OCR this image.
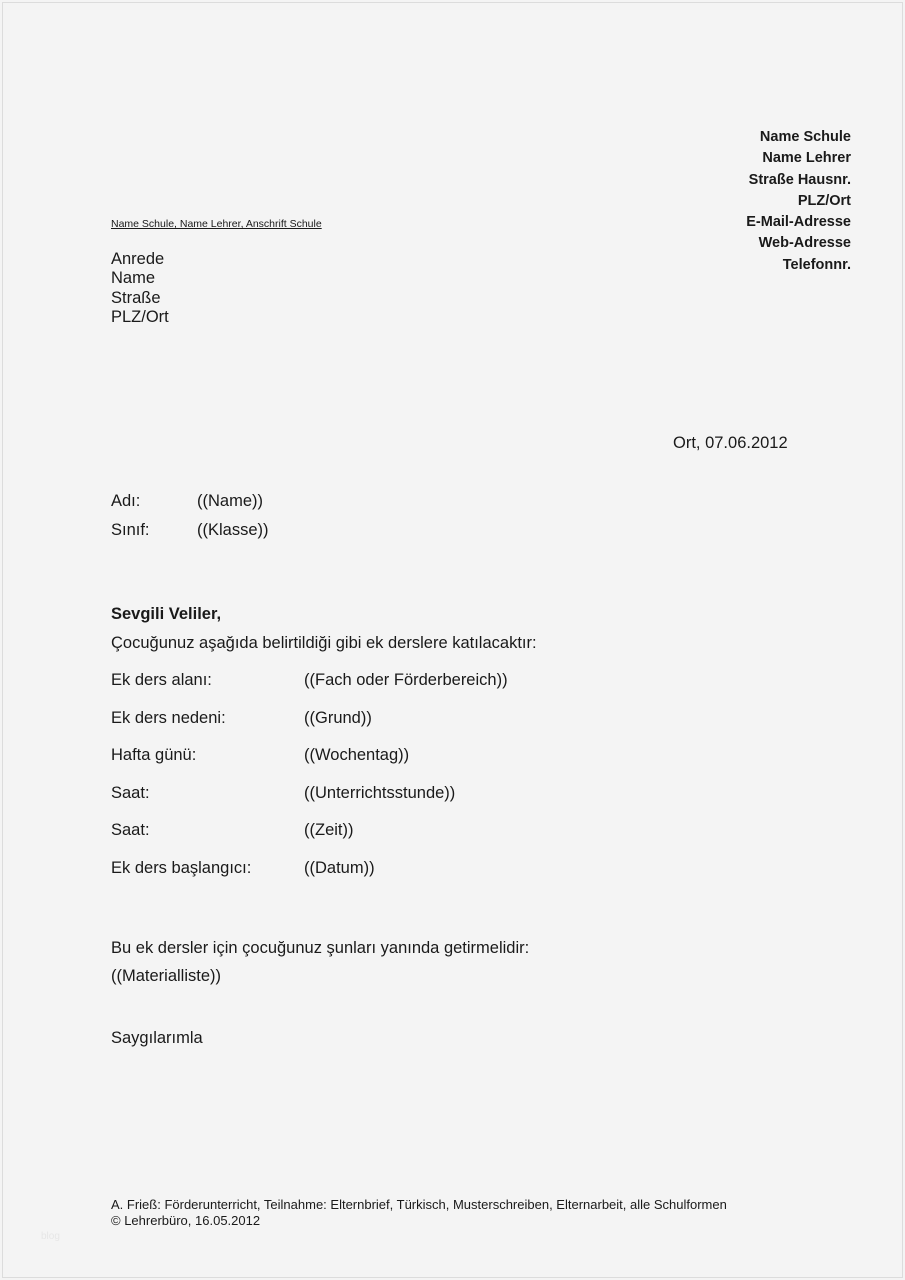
Name Schule
Name Lehrer
Straße Hausnr.
PLZ/Ort
E-Mail-Adresse
Web-Adresse
Telefonnr.
Name Schule, Name Lehrer, Anschrift Schule
Anrede
Name
Straße
PLZ/Ort
Ort, 07.06.2012
Adı:	((Name))
Sınıf:	((Klasse))
Sevgili Veliler,
Çocuğunuz aşağıda belirtildiği gibi ek derslere katılacaktır:
Ek ders alanı:	((Fach oder Förderbereich))
Ek ders nedeni:	((Grund))
Hafta günü:	((Wochentag))
Saat:	((Unterrichtsstunde))
Saat:	((Zeit))
Ek ders başlangıcı:	((Datum))
Bu ek dersler için çocuğunuz şunları yanında getirmelidir:
((Materialliste))
Saygılarımla
A. Frieß: Förderunterricht, Teilnahme: Elternbrief, Türkisch, Musterschreiben, Elternarbeit, alle Schulformen
© Lehrerbüro, 16.05.2012
blog
